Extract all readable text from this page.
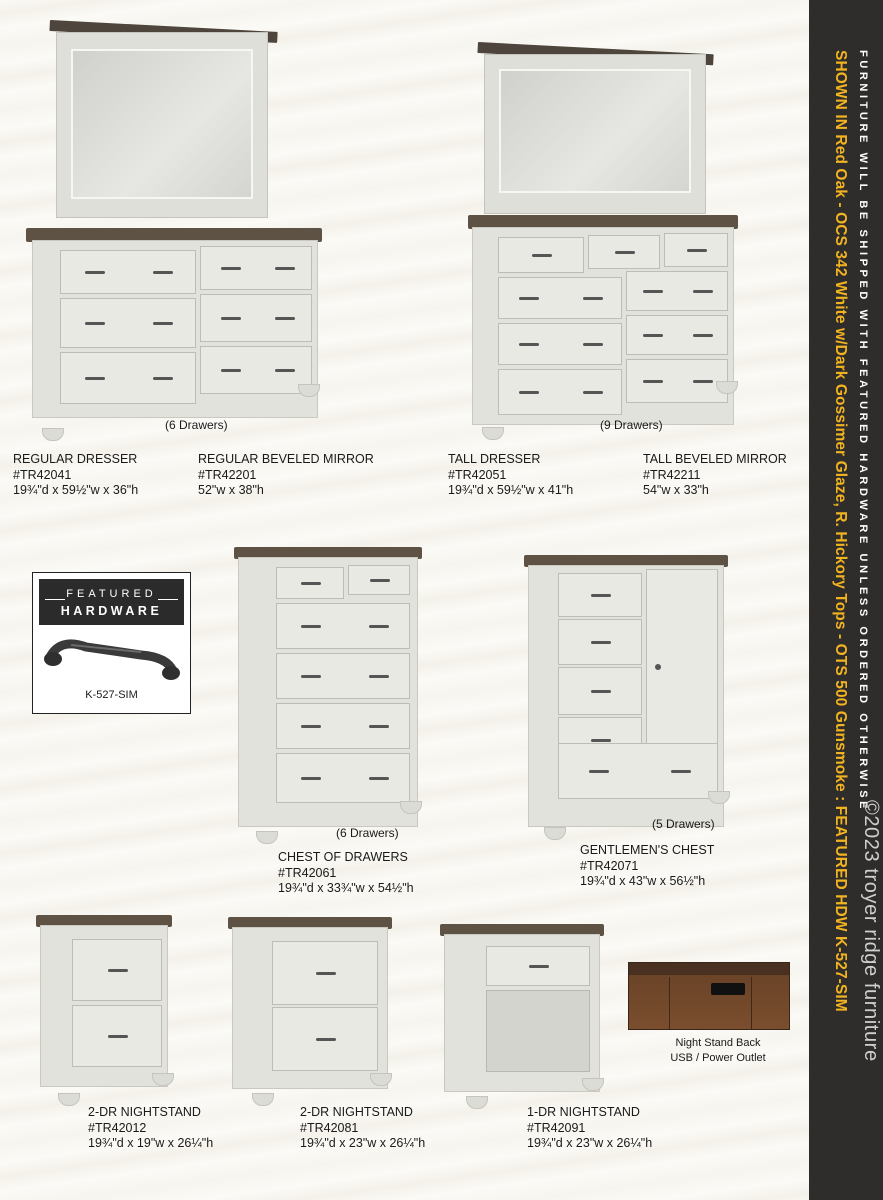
SHOWN IN Red Oak - OCS 342 White w/Dark Gossimer Glaze, R. Hickory Tops - OTS 500 Gunsmoke : FEATURED HDW K-527-SIM FURNITURE WILL BE SHIPPED WITH FEATURED HARDWARE UNLESS ORDERED OTHERWISE
©2023 troyer ridge furniture
(6 Drawers)	(9 Drawers)
REGULAR DRESSER
#TR42041
19¾"d x 59½"w x 36"h
REGULAR BEVELED MIRROR
#TR42201
52"w x 38"h
TALL DRESSER
#TR42051
19¾"d x 59½"w x 41"h
TALL BEVELED MIRROR
#TR42211
54"w x 33"h
FEATURED
HARDWARE
K-527-SIM
(6 Drawers)
CHEST OF DRAWERS
#TR42061
19¾"d x 33¾"w x 54½"h
(5 Drawers)
GENTLEMEN'S CHEST
#TR42071
19¾"d x 43"w x 56½"h
2-DR NIGHTSTAND
#TR42012
19¾"d x 19"w x 26¼"h
2-DR NIGHTSTAND
#TR42081
19¾"d x 23"w x 26¼"h
1-DR NIGHTSTAND
#TR42091
19¾"d x 23"w x 26¼"h
Night Stand Back
USB / Power Outlet
